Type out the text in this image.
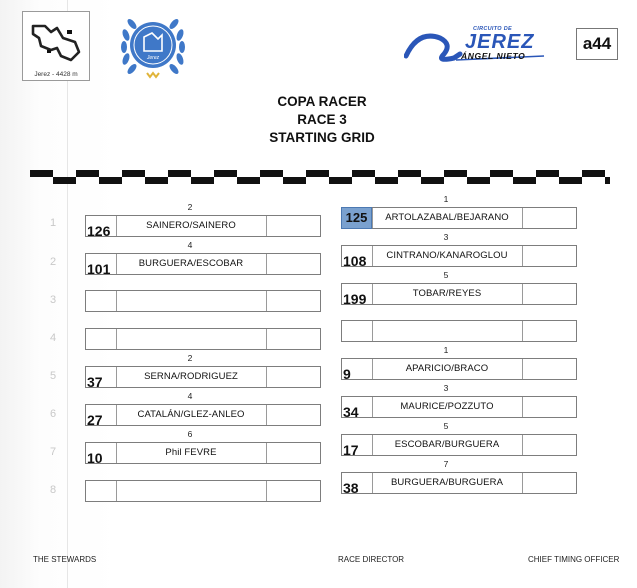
Jerez - 4428 m
Jerez
CIRCUITO DE
JEREZ
ÁNGEL NIETO
a44
COPA RACER
RACE 3
STARTING GRID
1
2
3
4
5
6
7
8
2
126	SAINERO/SAINERO
4
101	BURGUERA/ESCOBAR
2
37	SERNA/RODRIGUEZ
4
27	CATALÁN/GLEZ-ANLEO
6
10	Phil FEVRE
1
125	ARTOLAZABAL/BEJARANO
3
108	CINTRANO/KANAROGLOU
5
199	TOBAR/REYES
1
9	APARICIO/BRACO
3
34	MAURICE/POZZUTO
5
17	ESCOBAR/BURGUERA
7
38	BURGUERA/BURGUERA
THE STEWARDS	RACE DIRECTOR	CHIEF TIMING OFFICER
